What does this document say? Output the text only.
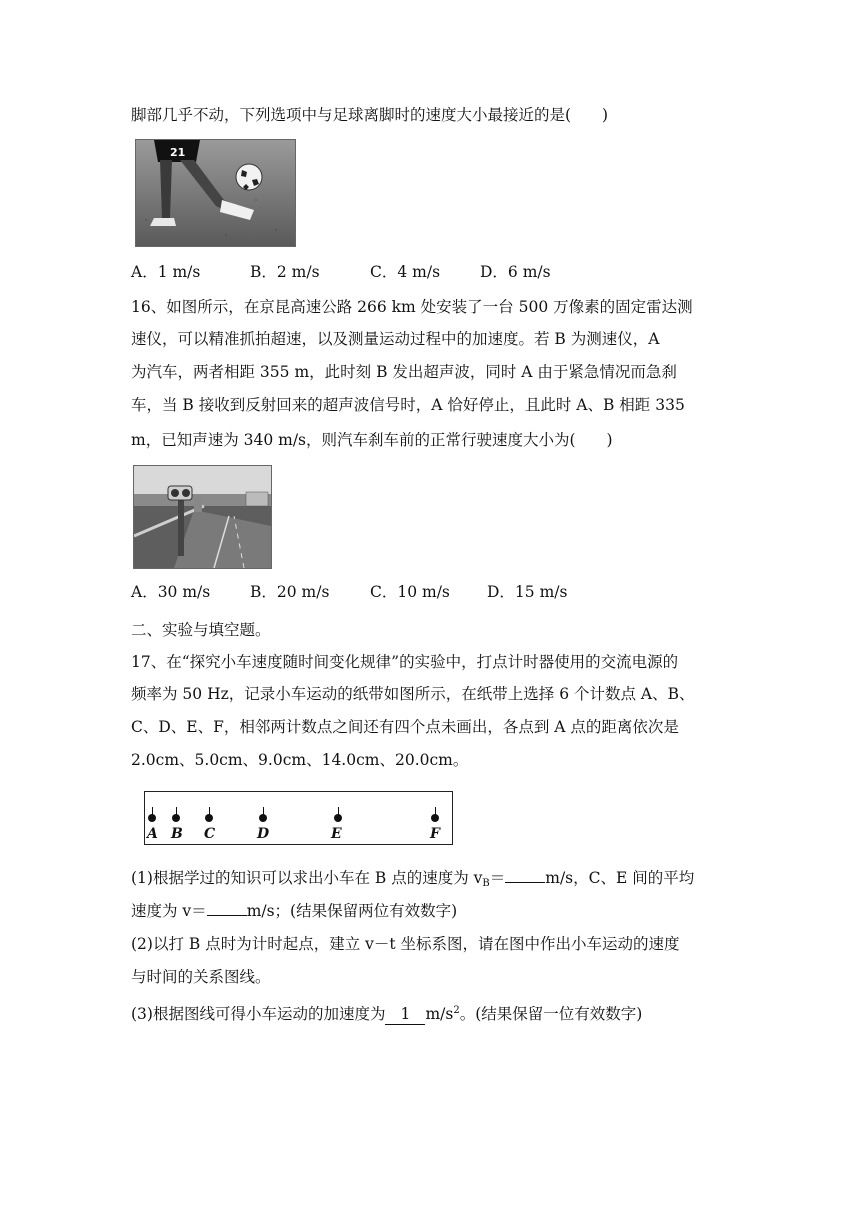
脚部几乎不动，下列选项中与足球离脚时的速度大小最接近的是(　　)
21
A．1 m/s	B．2 m/s	C．4 m/s	D．6 m/s
16、如图所示，在京昆高速公路 266 km 处安装了一台 500 万像素的固定雷达测
速仪，可以精准抓拍超速，以及测量运动过程中的加速度。若 B 为测速仪，A
为汽车，两者相距 355 m，此时刻 B 发出超声波，同时 A 由于紧急情况而急刹
车，当 B 接收到反射回来的超声波信号时，A 恰好停止，且此时 A、B 相距 335
m，已知声速为 340 m/s，则汽车刹车前的正常行驶速度大小为(　　)
A．30 m/s	B．20 m/s	C．10 m/s D．15 m/s
二、实验与填空题。
17、在“探究小车速度随时间变化规律”的实验中，打点计时器使用的交流电源的
频率为 50 Hz，记录小车运动的纸带如图所示，在纸带上选择 6 个计数点 A、B、
C、D、E、F，相邻两计数点之间还有四个点未画出，各点到 A 点的距离依次是
2.0cm、5.0cm、9.0cm、14.0cm、20.0cm。
A B C	D	E	F
(1)根据学过的知识可以求出小车在 B 点的速度为 $v_B=$	m/s，C、E 间的平均
速度为 v＝	m/s；(结果保留两位有效数字)
(2)以打 B 点时为计时起点，建立 v－t 坐标系图，请在图中作出小车运动的速度
与时间的关系图线。
(3)根据图线可得小车运动的加速度为 1 $m/s^2$。(结果保留一位有效数字)
